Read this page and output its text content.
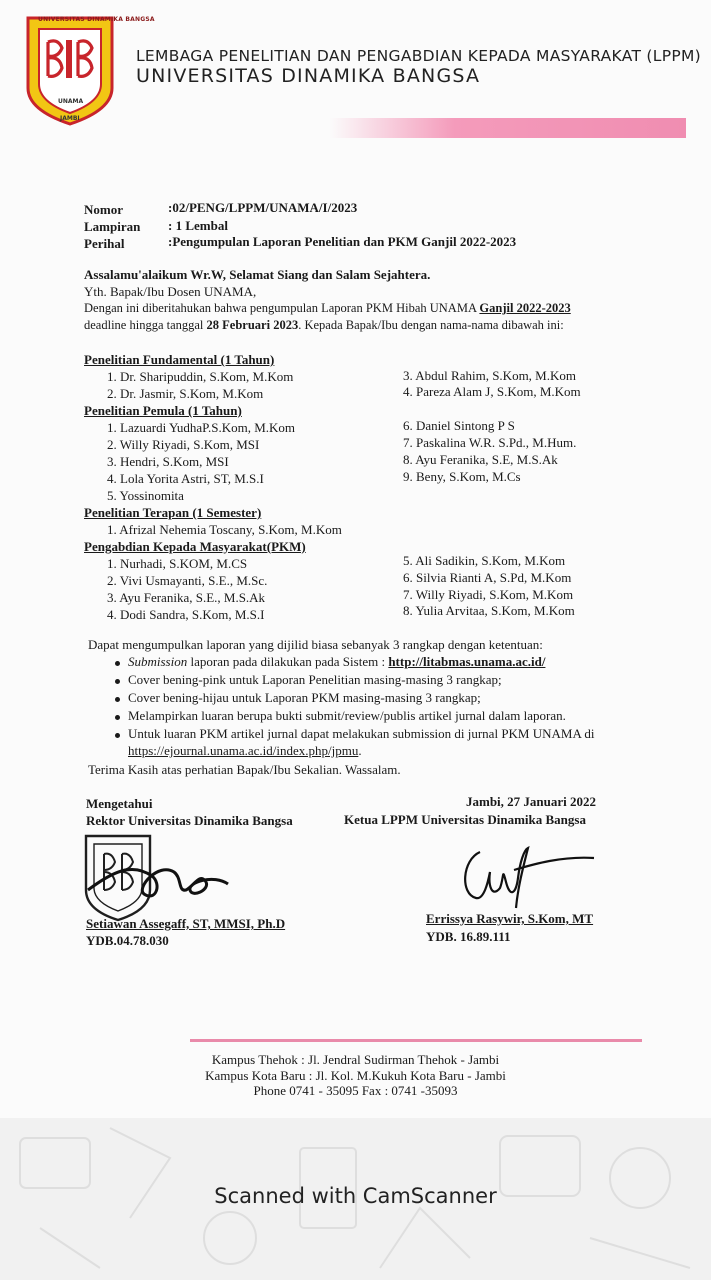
UNIVERSITAS DINAMIKA BANGSA
UNAMA
JAMBI
LEMBAGA PENELITIAN DAN PENGABDIAN KEPADA MASYARAKAT (LPPM)
UNIVERSITAS DINAMIKA BANGSA
Nomor	:02/PENG/LPPM/UNAMA/I/2023
Lampiran : 1 Lembal
Perihal	:Pengumpulan Laporan Penelitian dan PKM Ganjil 2022-2023
Assalamu'alaikum Wr.W, Selamat Siang dan Salam Sejahtera.
Yth. Bapak/Ibu Dosen UNAMA,
Dengan ini diberitahukan bahwa pengumpulan Laporan PKM Hibah UNAMA Ganjil 2022-2023
deadline hingga tanggal 28 Februari 2023. Kepada Bapak/Ibu dengan nama-nama dibawah ini:
Penelitian Fundamental (1 Tahun)
1. Dr. Sharipuddin, S.Kom, M.Kom
2. Dr. Jasmir, S.Kom, M.Kom
3. Abdul Rahim, S.Kom, M.Kom
4. Pareza Alam J, S.Kom, M.Kom
Penelitian Pemula (1 Tahun)
1. Lazuardi YudhaP.S.Kom, M.Kom
2. Willy Riyadi, S.Kom, MSI
3. Hendri, S.Kom, MSI
4. Lola Yorita Astri, ST, M.S.I
5. Yossinomita
6. Daniel Sintong P S
7. Paskalina W.R. S.Pd., M.Hum.
8. Ayu Feranika, S.E, M.S.Ak
9. Beny, S.Kom, M.Cs
Penelitian Terapan (1 Semester)
1. Afrizal Nehemia Toscany, S.Kom, M.Kom
Pengabdian Kepada Masyarakat(PKM)
1. Nurhadi, S.KOM, M.CS
2. Vivi Usmayanti, S.E., M.Sc.
3. Ayu Feranika, S.E., M.S.Ak
4. Dodi Sandra, S.Kom, M.S.I
5. Ali Sadikin, S.Kom, M.Kom
6. Silvia Rianti A, S.Pd, M.Kom
7. Willy Riyadi, S.Kom, M.Kom
8. Yulia Arvitaa, S.Kom, M.Kom
Dapat mengumpulkan laporan yang dijilid biasa sebanyak 3 rangkap dengan ketentuan:
Submission laporan pada dilakukan pada Sistem : http://litabmas.unama.ac.id/
Cover bening-pink untuk Laporan Penelitian masing-masing 3 rangkap;
Cover bening-hijau untuk Laporan PKM masing-masing 3 rangkap;
Melampirkan luaran berupa bukti submit/review/publis artikel jurnal dalam laporan.
Untuk luaran PKM artikel jurnal dapat melakukan submission di jurnal PKM UNAMA di
https://ejournal.unama.ac.id/index.php/jpmu.
Terima Kasih atas perhatian Bapak/Ibu Sekalian. Wassalam.
Mengetahui
Rektor Universitas Dinamika Bangsa
Jambi, 27 Januari 2022
Ketua LPPM Universitas Dinamika Bangsa
Setiawan Assegaff, ST, MMSI, Ph.D
YDB.04.78.030
Errissya Rasywir, S.Kom, MT
YDB. 16.89.111
Kampus Thehok : Jl. Jendral Sudirman Thehok - Jambi
Kampus Kota Baru : Jl. Kol. M.Kukuh Kota Baru - Jambi
Phone 0741 - 35095 Fax : 0741 -35093
Scanned with CamScanner
